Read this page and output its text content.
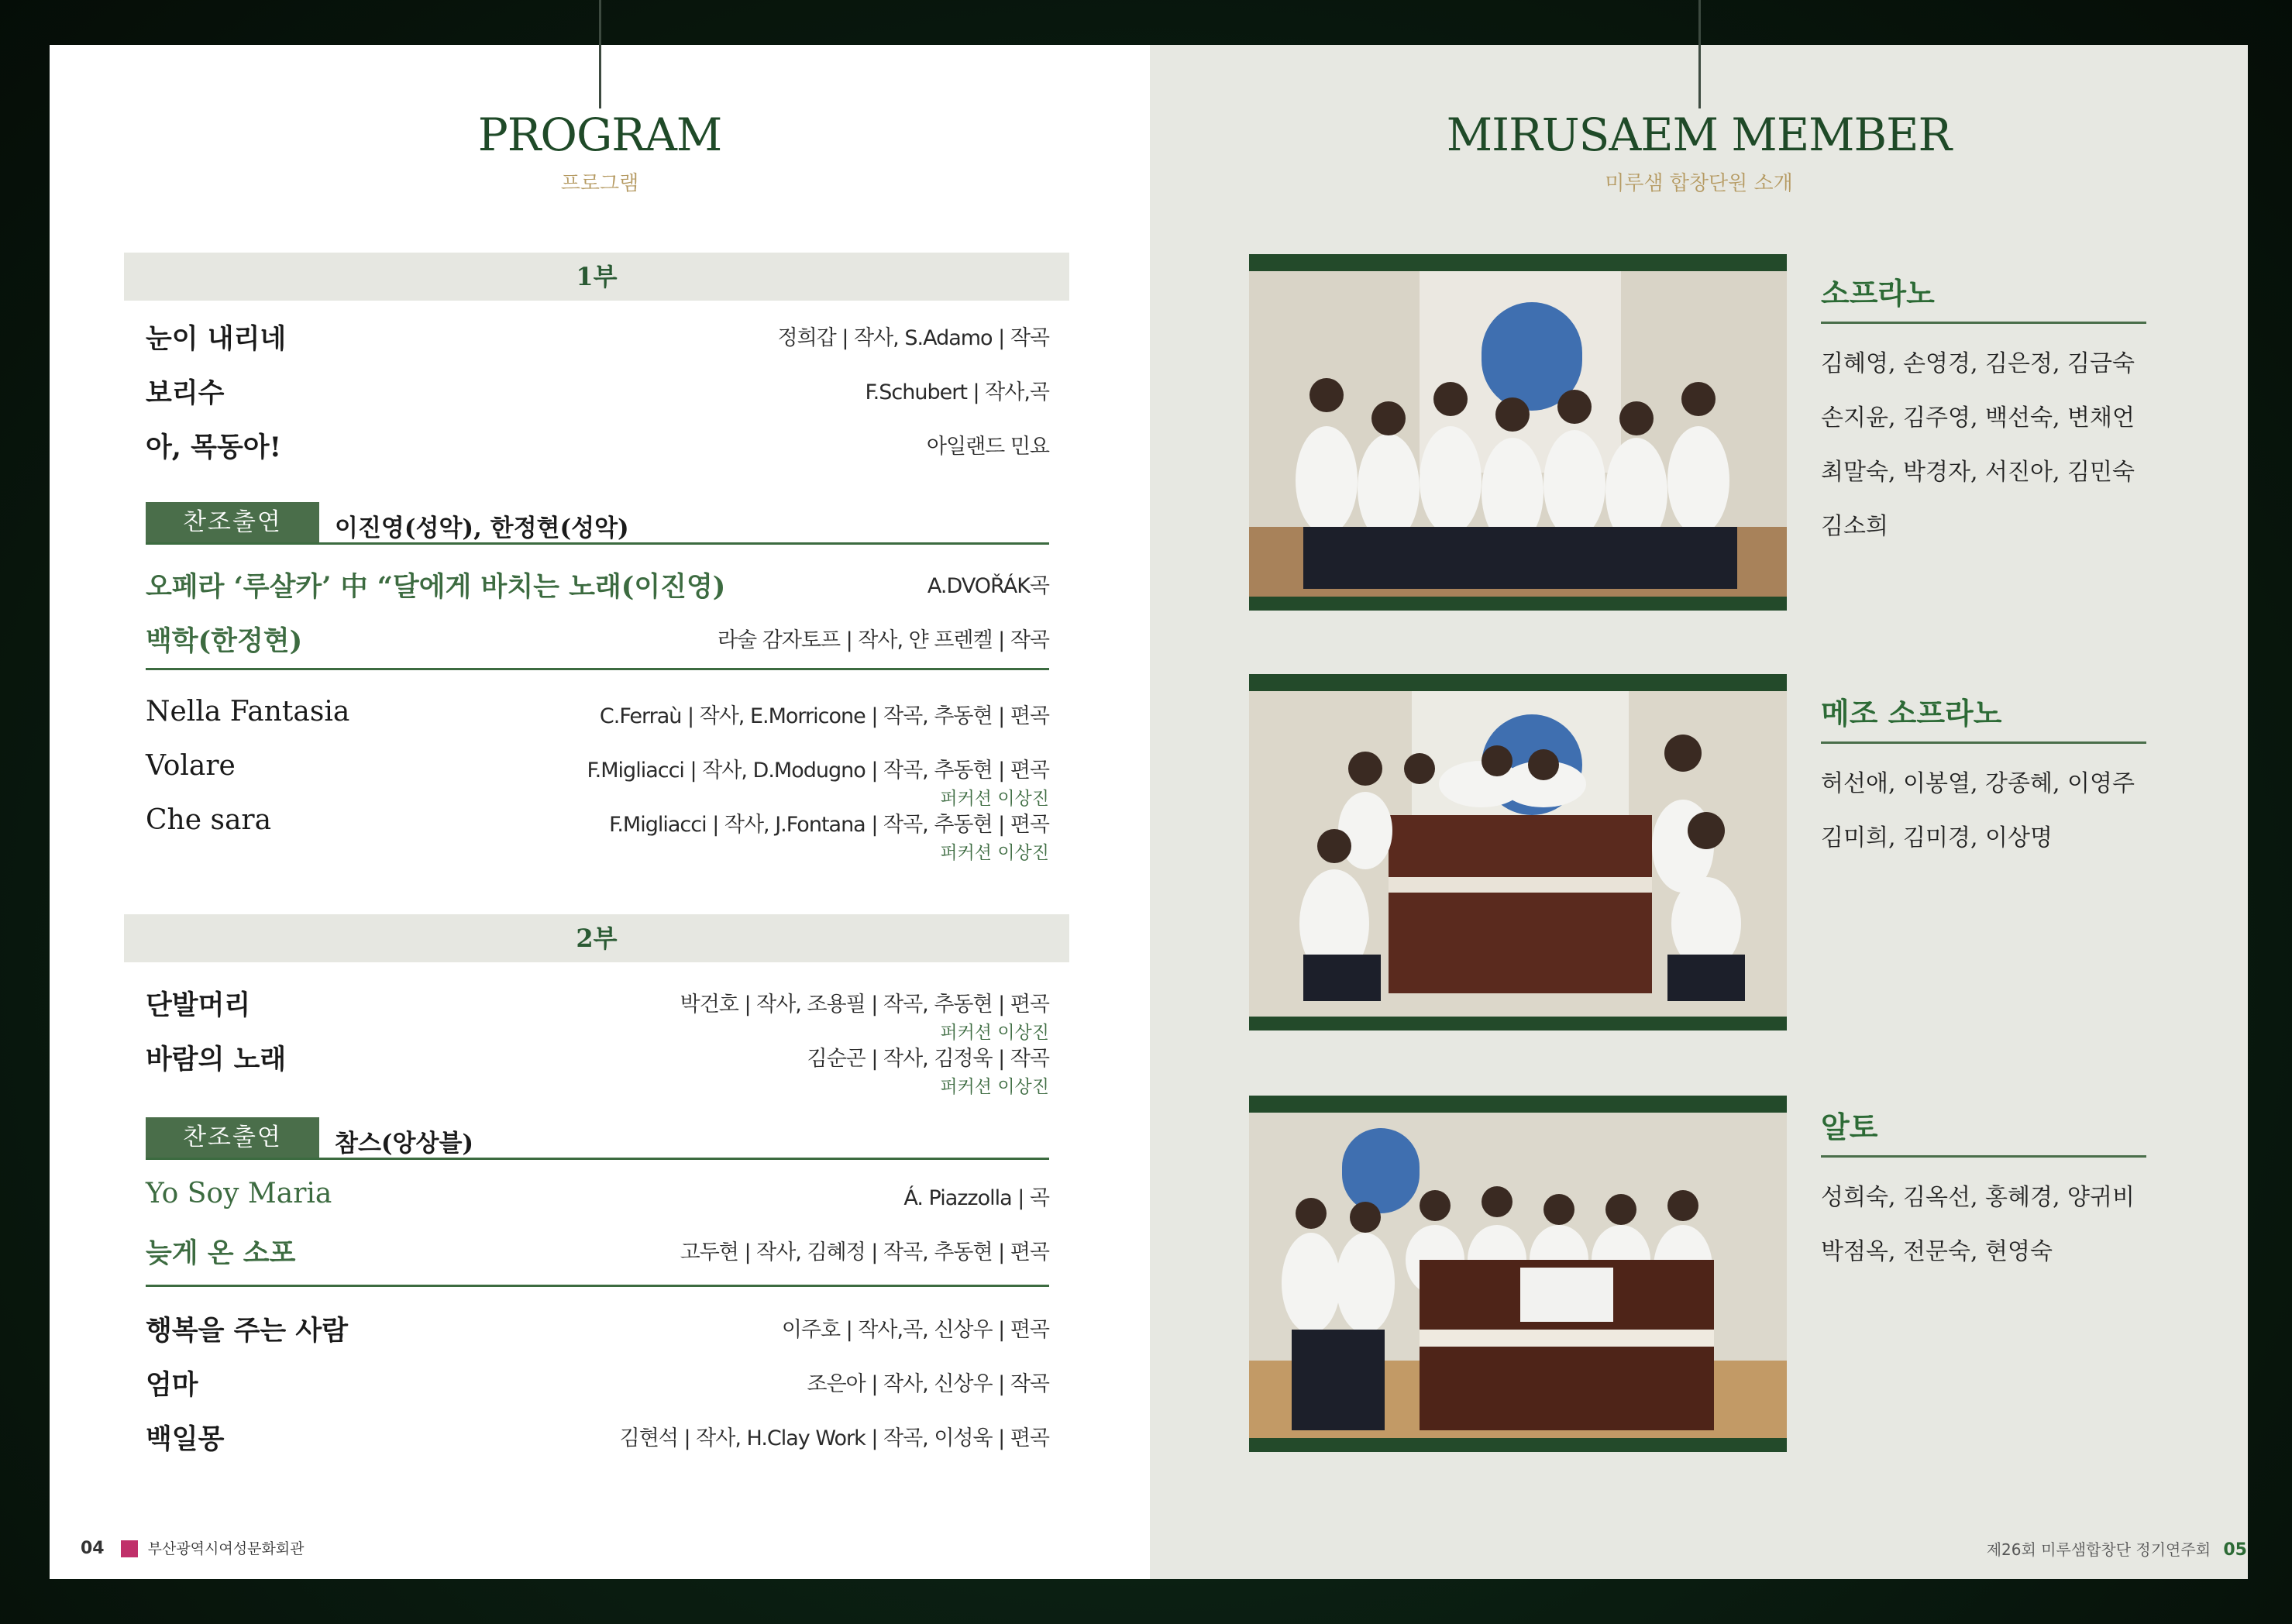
PROGRAM
프로그램
1부
눈이 내리네	정희갑 | 작사, S.Adamo | 작곡
보리수	F.Schubert | 작사,곡
아, 목동아!	아일랜드 민요
찬조출연	이진영(성악), 한정현(성악)
오페라 ‘루살카’ 中 “달에게 바치는 노래(이진영)	A.DVOŘÁK곡
백학(한정현)	라술 감자토프 | 작사, 얀 프렌켈 | 작곡
Nella Fantasia	C.Ferraù | 작사, E.Morricone | 작곡, 추동현 | 편곡
Volare	F.Migliacci | 작사, D.Modugno | 작곡, 추동현 | 편곡
퍼커션 이상진
Che sara	F.Migliacci | 작사, J.Fontana | 작곡, 추동현 | 편곡
퍼커션 이상진
2부
단발머리	박건호 | 작사, 조용필 | 작곡, 추동현 | 편곡
퍼커션 이상진
바람의 노래	김순곤 | 작사, 김정욱 | 작곡
퍼커션 이상진
찬조출연	참스(앙상블)
Yo Soy Maria	Á. Piazzolla | 곡
늦게 온 소포	고두현 | 작사, 김혜정 | 작곡, 추동현 | 편곡
행복을 주는 사람	이주호 | 작사,곡, 신상우 | 편곡
엄마	조은아 | 작사, 신상우 | 작곡
백일몽	김현석 | 작사, H.Clay Work | 작곡, 이성욱 | 편곡
04	부산광역시여성문화회관
MIRUSAEM MEMBER
미루샘 합창단원 소개
소프라노
김혜영, 손영경, 김은정, 김금숙
손지윤, 김주영, 백선숙, 변채언
최말숙, 박경자, 서진아, 김민숙
김소희
메조 소프라노
허선애, 이봉열, 강종혜, 이영주
김미희, 김미경, 이상명
알토
성희숙, 김옥선, 홍혜경, 양귀비
박점옥, 전문숙, 현영숙
제26회 미루샘합창단 정기연주회 05
